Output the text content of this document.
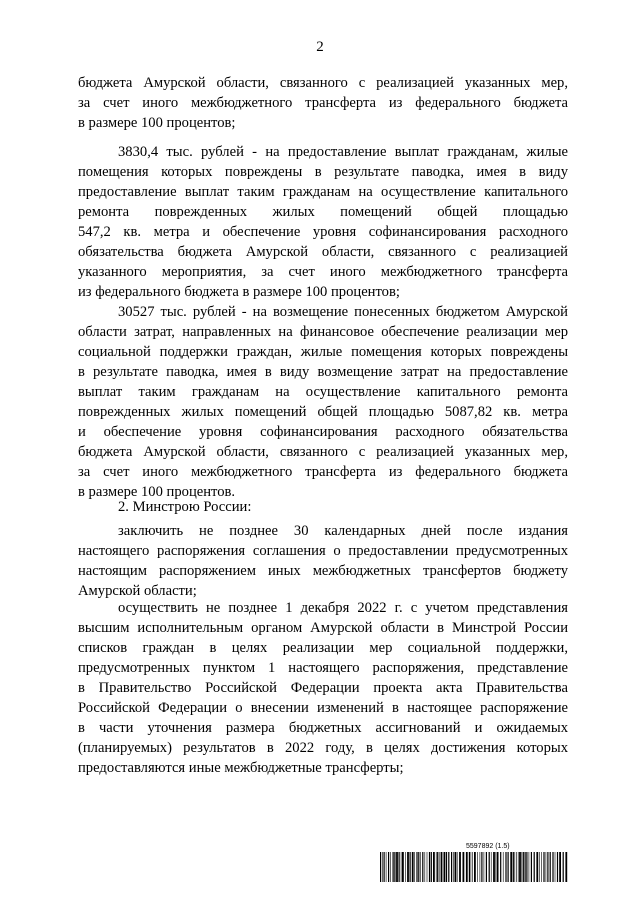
2
бюджета Амурской области, связанного с реализацией указанных мер,
за счет иного межбюджетного трансферта из федерального бюджета
в размере 100 процентов;
3830,4 тыс. рублей - на предоставление выплат гражданам, жилые
помещения которых повреждены в результате паводка, имея в виду
предоставление выплат таким гражданам на осуществление капитального
ремонта поврежденных жилых помещений общей площадью
547,2 кв. метра и обеспечение уровня софинансирования расходного
обязательства бюджета Амурской области, связанного с реализацией
указанного мероприятия, за счет иного межбюджетного трансферта
из федерального бюджета в размере 100 процентов;
30527 тыс. рублей - на возмещение понесенных бюджетом Амурской
области затрат, направленных на финансовое обеспечение реализации мер
социальной поддержки граждан, жилые помещения которых повреждены
в результате паводка, имея в виду возмещение затрат на предоставление
выплат таким гражданам на осуществление капитального ремонта
поврежденных жилых помещений общей площадью 5087,82 кв. метра
и обеспечение уровня софинансирования расходного обязательства
бюджета Амурской области, связанного с реализацией указанных мер,
за счет иного межбюджетного трансферта из федерального бюджета
в размере 100 процентов.
2. Минстрою России:
заключить не позднее 30 календарных дней после издания
настоящего распоряжения соглашения о предоставлении предусмотренных
настоящим распоряжением иных межбюджетных трансфертов бюджету
Амурской области;
осуществить не позднее 1 декабря 2022 г. с учетом представления
высшим исполнительным органом Амурской области в Минстрой России
списков граждан в целях реализации мер социальной поддержки,
предусмотренных пунктом 1 настоящего распоряжения, представление
в Правительство Российской Федерации проекта акта Правительства
Российской Федерации о внесении изменений в настоящее распоряжение
в части уточнения размера бюджетных ассигнований и ожидаемых
(планируемых) результатов в 2022 году, в целях достижения которых
предоставляются иные межбюджетные трансферты;
5597892 (1.5)
